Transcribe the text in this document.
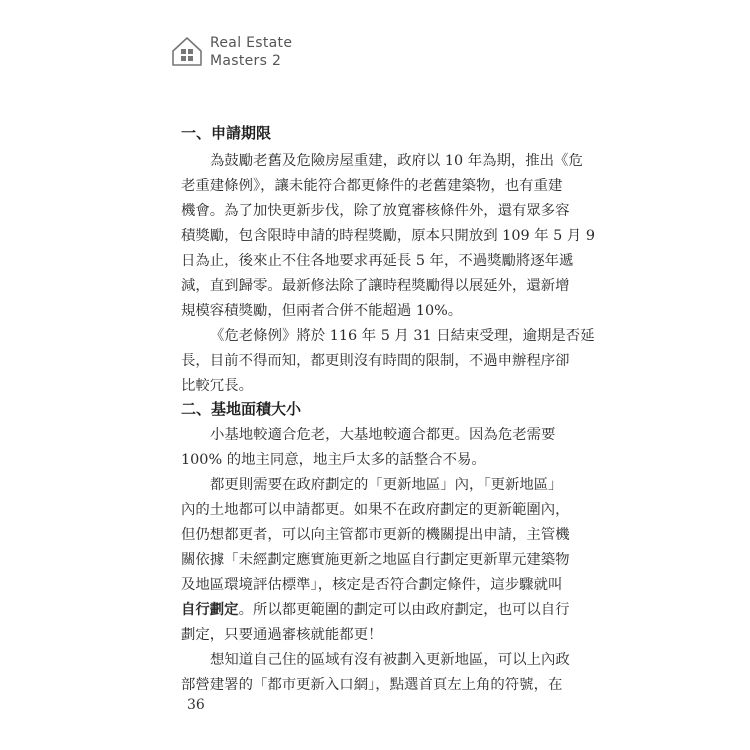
Real Estate
Masters 2
一、申請期限
為鼓勵老舊及危險房屋重建，政府以 10 年為期，推出《危
老重建條例》，讓未能符合都更條件的老舊建築物，也有重建
機會。為了加快更新步伐，除了放寬審核條件外，還有眾多容
積獎勵，包含限時申請的時程獎勵，原本只開放到 109 年 5 月 9
日為止，後來止不住各地要求再延長 5 年，不過獎勵將逐年遞
減，直到歸零。最新修法除了讓時程獎勵得以展延外，還新增
規模容積獎勵，但兩者合併不能超過 10%。
《危老條例》將於 116 年 5 月 31 日結束受理，逾期是否延
長，目前不得而知，都更則沒有時間的限制，不過申辦程序卻
比較冗長。
二、基地面積大小
小基地較適合危老，大基地較適合都更。因為危老需要
100% 的地主同意，地主戶太多的話整合不易。
都更則需要在政府劃定的「更新地區」內，「更新地區」
內的土地都可以申請都更。如果不在政府劃定的更新範圍內，
但仍想都更者，可以向主管都市更新的機關提出申請，主管機
關依據「未經劃定應實施更新之地區自行劃定更新單元建築物
及地區環境評估標準」，核定是否符合劃定條件，這步驟就叫
自行劃定。所以都更範圍的劃定可以由政府劃定，也可以自行
劃定，只要通過審核就能都更！
想知道自己住的區域有沒有被劃入更新地區，可以上內政
部營建署的「都市更新入口網」，點選首頁左上角的符號，在
36
